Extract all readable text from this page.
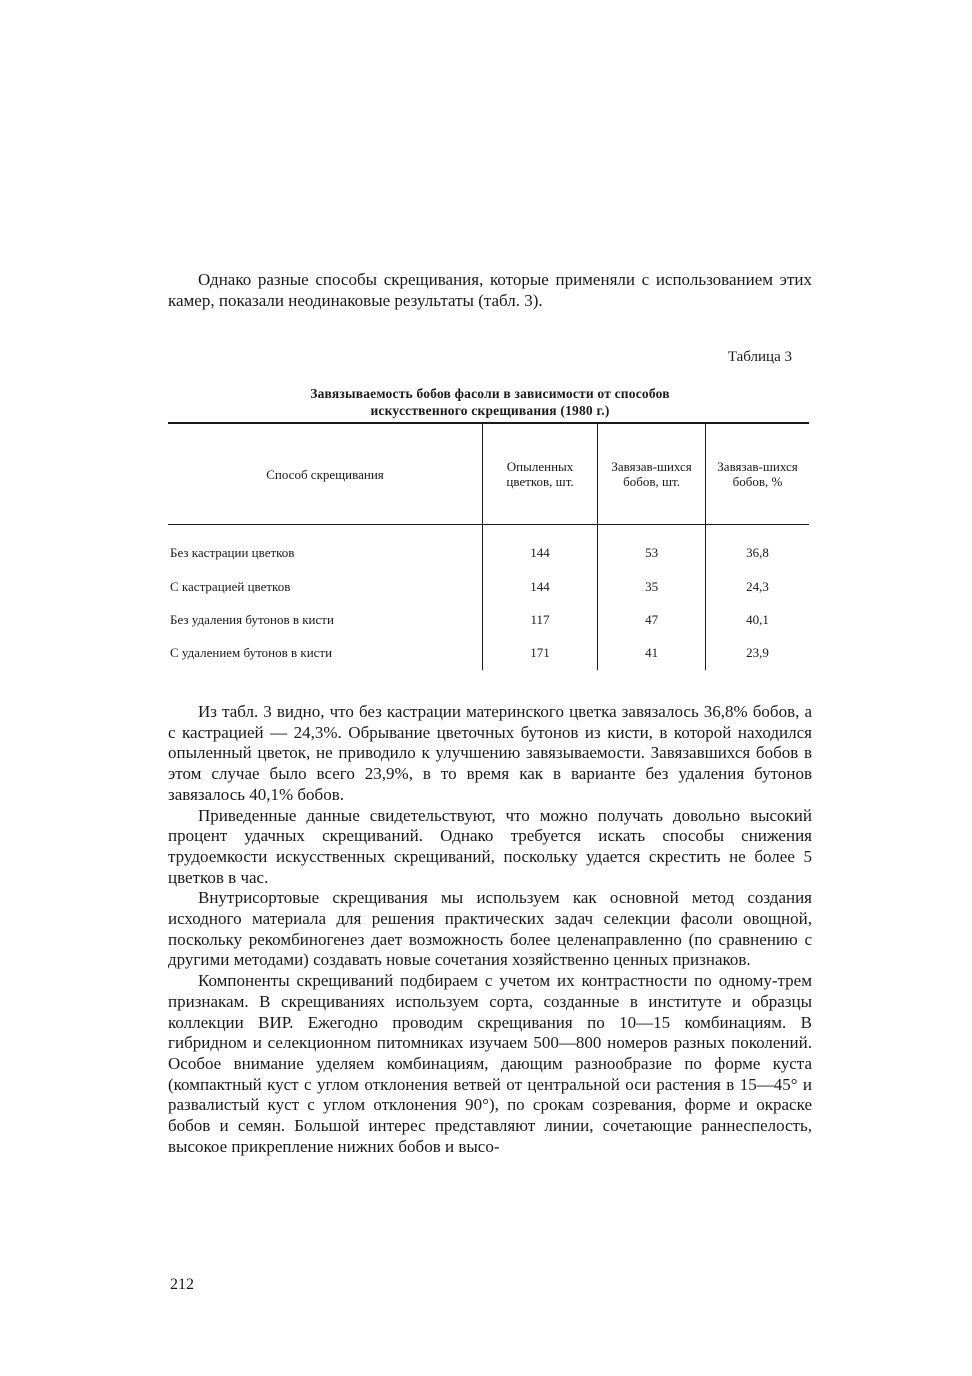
Однако разные способы скрещивания, которые применяли с использованием этих камер, показали неодинаковые результаты (табл. 3).

Таблица 3
Завязываемость бобов фасоли в зависимости от способов
искусственного скрещивания (1980 г.)
Способ скрещивания	Опыленных цветков, шт.	Завязав-шихся бобов, шт.	Завязав-шихся бобов, %
Без кастрации цветков	144	53	36,8
С кастрацией цветков	144	35	24,3
Без удаления бутонов в кисти	117	47	40,1
С удалением бутонов в кисти	171	41	23,9

Из табл. 3 видно, что без кастрации материнского цветка завязалось 36,8% бобов, а с кастрацией — 24,3%. Обрывание цветочных бутонов из кисти, в которой находился опыленный цветок, не приводило к улучшению завязываемости. Завязавшихся бобов в этом случае было всего 23,9%, в то время как в варианте без удаления бутонов завязалось 40,1% бобов.

Приведенные данные свидетельствуют, что можно получать довольно высокий процент удачных скрещиваний. Однако требуется искать способы снижения трудоемкости искусственных скрещиваний, поскольку удается скрестить не более 5 цветков в час.

Внутрисортовые скрещивания мы используем как основной метод создания исходного материала для решения практических задач селекции фасоли овощной, поскольку рекомбиногенез дает возможность более целенаправленно (по сравнению с другими методами) создавать новые сочетания хозяйственно ценных признаков.

Компоненты скрещиваний подбираем с учетом их контрастности по одному-трем признакам. В скрещиваниях используем сорта, созданные в институте и образцы коллекции ВИР. Ежегодно проводим скрещивания по 10—15 комбинациям. В гибридном и селекционном питомниках изучаем 500—800 номеров разных поколений. Особое внимание уделяем комбинациям, дающим разнообразие по форме куста (компактный куст с углом отклонения ветвей от центральной оси растения в 15—45° и развалистый куст с углом отклонения 90°), по срокам созревания, форме и окраске бобов и семян. Большой интерес представляют линии, сочетающие раннеспелость, высокое прикрепление нижних бобов и высо-

212
